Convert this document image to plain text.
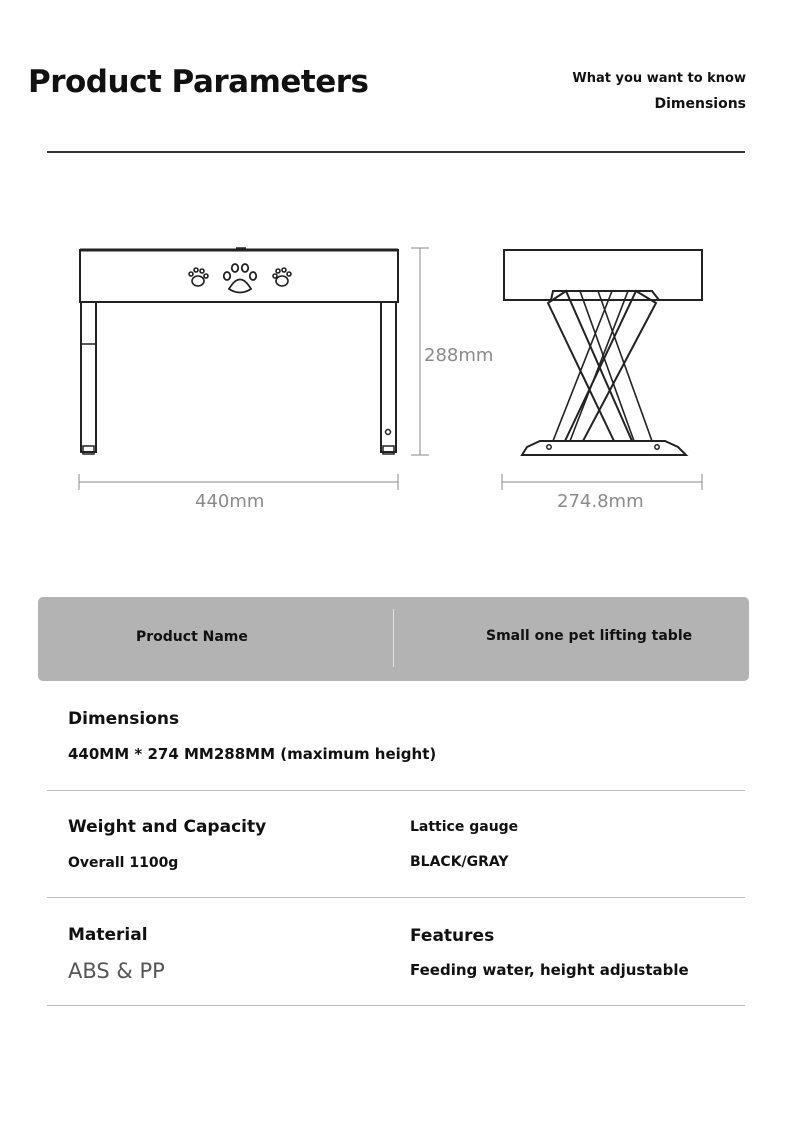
Product Parameters	What you want to know
Dimensions
440mm
288mm
274.8mm
Product Name	Small one pet lifting table
Dimensions
440MM * 274 MM288MM (maximum height)
Weight and Capacity
Overall 1100g
Lattice gauge
BLACK/GRAY
Material
ABS & PP
Features
Feeding water, height adjustable
